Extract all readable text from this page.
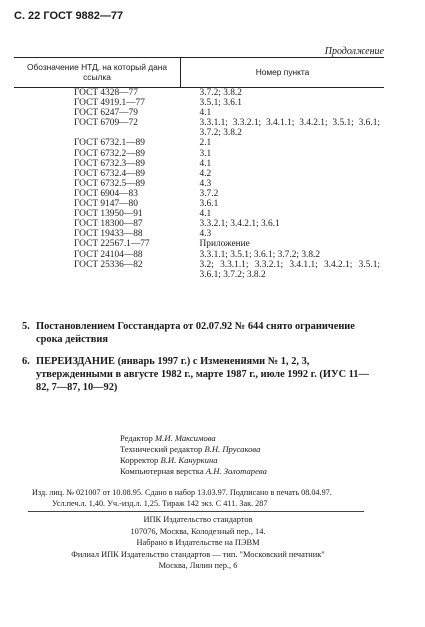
С. 22 ГОСТ 9882—77
Продолжение
Обозначение НТД, на который дана ссылка	Номер пункта
ГОСТ 4328—77	3.7.2; 3.8.2
ГОСТ 4919.1—77	3.5.1; 3.6.1
ГОСТ 6247—79	4.1
ГОСТ 6709—72	3.3.1.1; 3.3.2.1; 3.4.1.1; 3.4.2.1; 3.5.1; 3.6.1; 3.7.2; 3.8.2
ГОСТ 6732.1—89	2.1
ГОСТ 6732.2—89	3.1
ГОСТ 6732.3—89	4.1
ГОСТ 6732.4—89	4.2
ГОСТ 6732.5—89	4.3
ГОСТ 6904—83	3.7.2
ГОСТ 9147—80	3.6.1
ГОСТ 13950—91	4.1
ГОСТ 18300—87	3.3.2.1; 3.4.2.1; 3.6.1
ГОСТ 19433—88	4.3
ГОСТ 22567.1—77	Приложение
ГОСТ 24104—88	3.3.1.1; 3.5.1; 3.6.1; 3.7.2; 3.8.2
ГОСТ 25336—82	3.2; 3.3.1.1; 3.3.2.1; 3.4.1.1; 3.4.2.1; 3.5.1; 3.6.1; 3.7.2; 3.8.2
5. Постановлением Госстандарта от 02.07.92 № 644 снято ограничение срока действия
6. ПЕРЕИЗДАНИЕ (январь 1997 г.) с Изменениями № 1, 2, 3, утвержденными в августе 1982 г., марте 1987 г., июле 1992 г. (ИУС 11—82, 7—87, 10—92)
Редактор М.И. Максимова
Технический редактор В.Н. Прусакова
Корректор В.И. Кануркина
Компьютерная верстка А.Н. Золотарева
Изд. лиц. № 021007 от 10.08.95. Сдано в набор 13.03.97. Подписано в печать 08.04.97.
Усл.печ.л. 1,40. Уч.-изд.л. 1,25. Тираж 142 экз. С 411. Зак. 287
ИПК Издательство стандартов
107076, Москва, Колодезный пер., 14.
Набрано в Издательстве на ПЭВМ
Филиал ИПК Издательство стандартов — тип. "Московский печатник"
Москва, Лялин пер., 6
